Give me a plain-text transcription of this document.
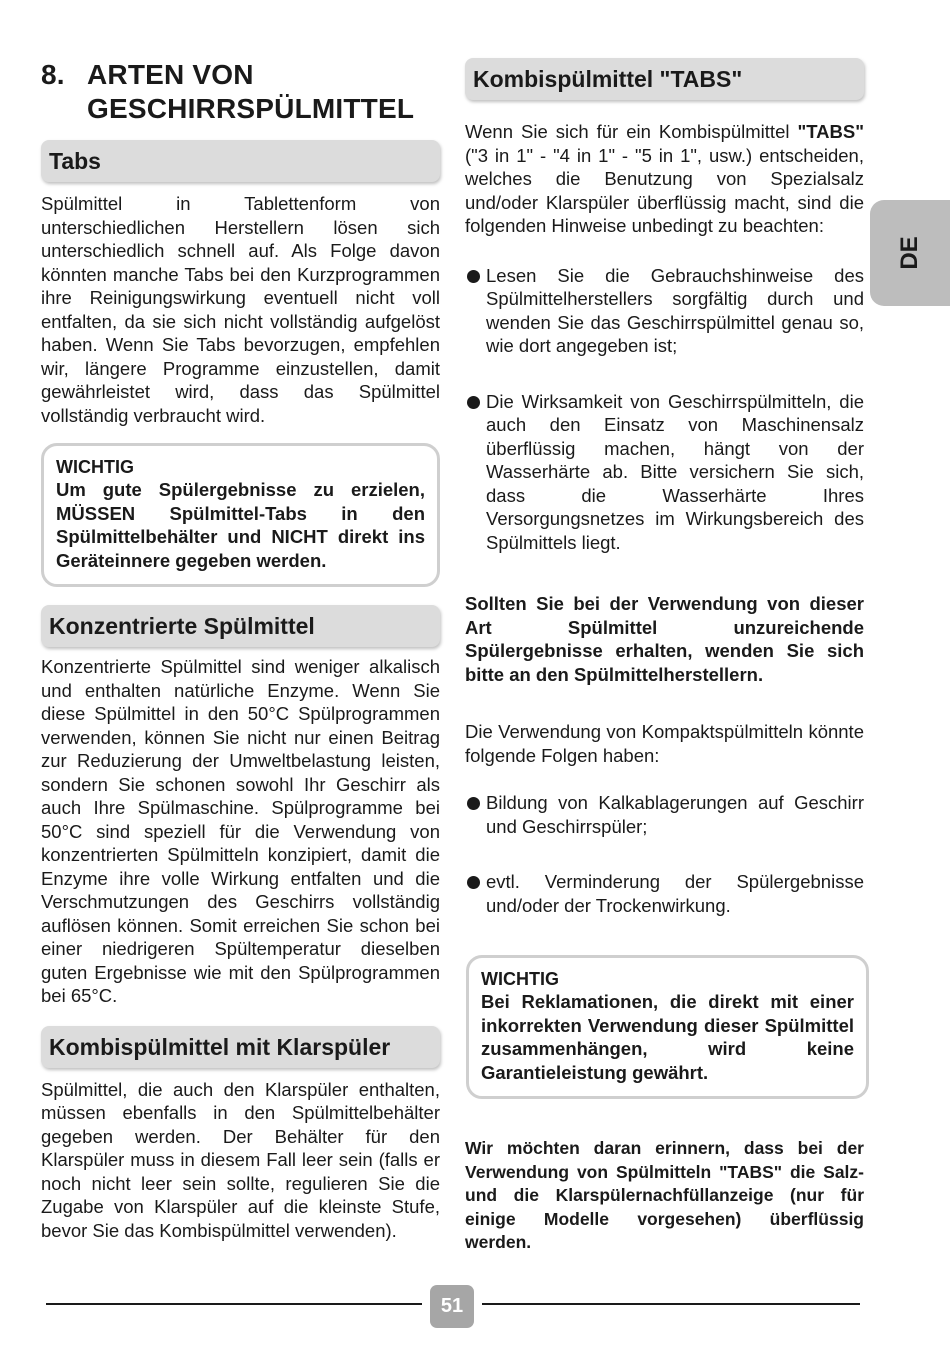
8. ARTEN VON
GESCHIRRSPÜLMITTEL
Tabs

Spülmittel in Tablettenform von unterschiedlichen Herstellern lösen sich unterschiedlich schnell auf. Als Folge davon könnten manche Tabs bei den Kurzprogrammen ihre Reinigungswirkung eventuell nicht voll entfalten, da sie sich nicht vollständig aufgelöst haben. Wenn Sie Tabs bevorzugen, empfehlen wir, längere Programme einzustellen, damit gewährleistet wird, dass das Spülmittel vollständig verbraucht wird.

WICHTIG
Um gute Spülergebnisse zu erzielen, MÜSSEN Spülmittel-Tabs in den Spülmittelbehälter und NICHT direkt ins Geräteinnere gegeben werden.
Konzentrierte Spülmittel

Konzentrierte Spülmittel sind weniger alkalisch und enthalten natürliche Enzyme. Wenn Sie diese Spülmittel in den 50°C Spülprogrammen verwenden, können Sie nicht nur einen Beitrag zur Reduzierung der Umweltbelastung leisten, sondern Sie schonen sowohl Ihr Geschirr als auch Ihre Spülmaschine. Spülprogramme bei 50°C sind speziell für die Verwendung von konzentrierten Spülmitteln konzipiert, damit die Enzyme ihre volle Wirkung entfalten und die Verschmutzungen des Geschirrs vollständig auflösen können. Somit erreichen Sie schon bei einer niedrigeren Spültemperatur dieselben guten Ergebnisse wie mit den Spülprogrammen bei 65°C.

Kombispülmittel mit Klarspüler

Spülmittel, die auch den Klarspüler enthalten, müssen ebenfalls in den Spülmittelbehälter gegeben werden. Der Behälter für den Klarspüler muss in diesem Fall leer sein (falls er noch nicht leer sein sollte, regulieren Sie die Zugabe von Klarspüler auf die kleinste Stufe, bevor Sie das Kombispülmittel verwenden).

Kombispülmittel "TABS"

Wenn Sie sich für ein Kombispülmittel "TABS" ("3 in 1" - "4 in 1" - "5 in 1", usw.) entscheiden, welches die Benutzung von Spezialsalz und/oder Klarspüler überflüssig macht, sind die folgenden Hinweise unbedingt zu beachten:

Lesen Sie die Gebrauchshinweise des Spülmittelherstellers sorgfältig durch und wenden Sie das Geschirrspülmittel genau so, wie dort angegeben ist;
Die Wirksamkeit von Geschirrspülmitteln, die auch den Einsatz von Maschinensalz überflüssig machen, hängt von der Wasserhärte ab. Bitte versichern Sie sich, dass die Wasserhärte Ihres Versorgungsnetzes im Wirkungsbereich des Spülmittels liegt.

Sollten Sie bei der Verwendung von dieser Art Spülmittel unzureichende Spülergebnisse erhalten, wenden Sie sich bitte an den Spülmittelherstellern.

Die Verwendung von Kompaktspülmitteln könnte folgende Folgen haben:

Bildung von Kalkablagerungen auf Geschirr und Geschirrspüler;
evtl. Verminderung der Spülergebnisse und/oder der Trockenwirkung.
WICHTIG
Bei Reklamationen, die direkt mit einer inkorrekten Verwendung dieser Spülmittel zusammenhängen, wird keine Garantieleistung gewährt.

Wir möchten daran erinnern, dass bei der Verwendung von Spülmitteln "TABS" die Salz- und die Klarspülernachfüllanzeige (nur für einige Modelle vorgesehen) überflüssig werden.

DE
51
